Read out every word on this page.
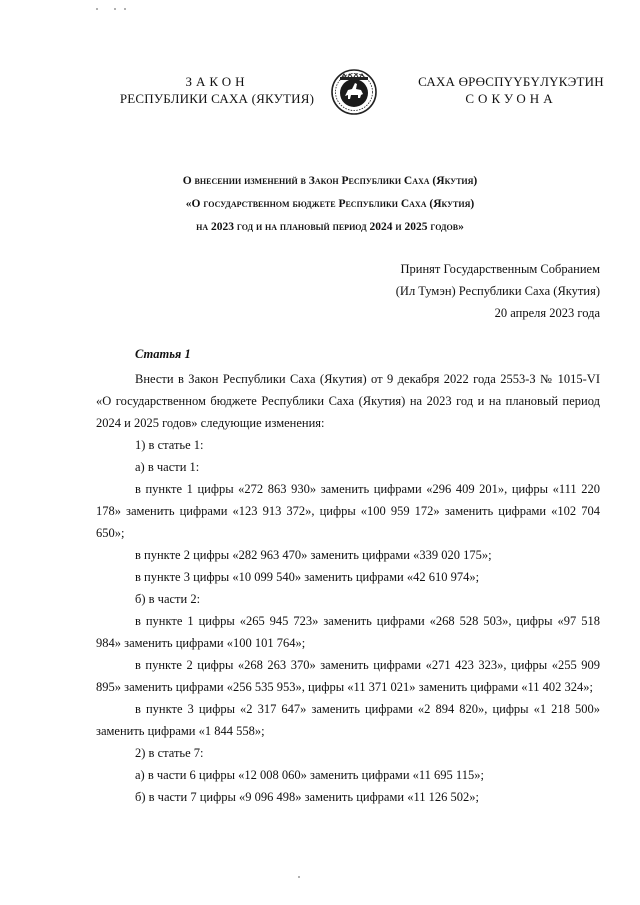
ЗАКОН
РЕСПУБЛИКИ САХА (ЯКУТИЯ)
САХА ӨРӨСПҮҮБҮЛҮКЭТИН
СОКУОНА
О внесении изменений в Закон Республики Саха (Якутия)
«О государственном бюджете Республики Саха (Якутия)
на 2023 год и на плановый период 2024 и 2025 годов»
Принят Государственным Собранием
(Ил Тумэн) Республики Саха (Якутия)
20 апреля 2023 года

Статья 1

Внести в Закон Республики Саха (Якутия) от 9 декабря 2022 года 2553-З № 1015-VI «О государственном бюджете Республики Саха (Якутия) на 2023 год и на плановый период 2024 и 2025 годов» следующие изменения:

1) в статье 1:

а) в части 1:

в пункте 1 цифры «272 863 930» заменить цифрами «296 409 201», цифры «111 220 178» заменить цифрами «123 913 372», цифры «100 959 172» заменить цифрами «102 704 650»;

в пункте 2 цифры «282 963 470» заменить цифрами «339 020 175»;

в пункте 3 цифры «10 099 540» заменить цифрами «42 610 974»;

б) в части 2:

в пункте 1 цифры «265 945 723» заменить цифрами «268 528 503», цифры «97 518 984» заменить цифрами «100 101 764»;

в пункте 2 цифры «268 263 370» заменить цифрами «271 423 323», цифры «255 909 895» заменить цифрами «256 535 953», цифры «11 371 021» заменить цифрами «11 402 324»;

в пункте 3 цифры «2 317 647» заменить цифрами «2 894 820», цифры «1 218 500» заменить цифрами «1 844 558»;

2) в статье 7:

а) в части 6 цифры «12 008 060» заменить цифрами «11 695 115»;

б) в части 7 цифры «9 096 498» заменить цифрами «11 126 502»;
